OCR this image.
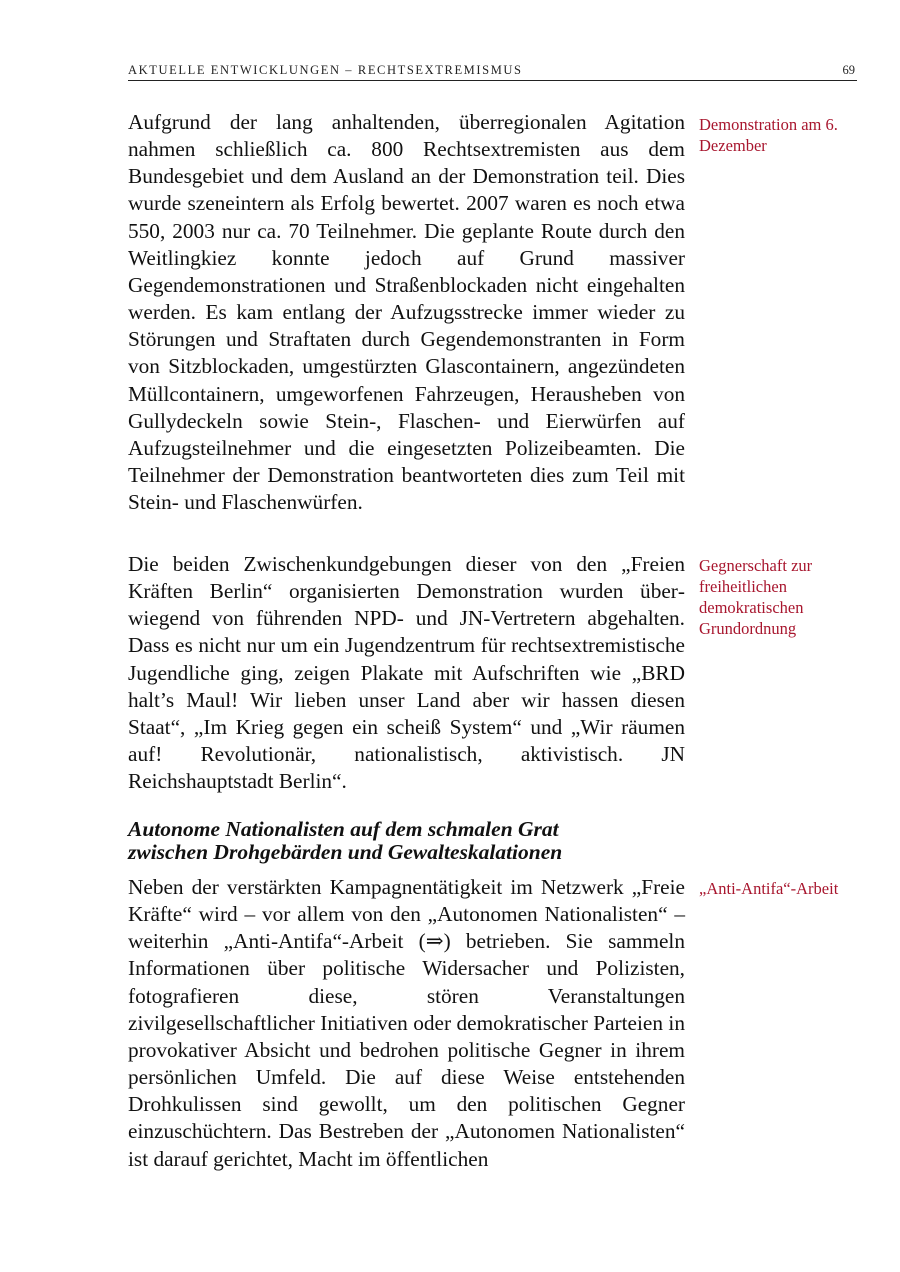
AKTUELLE ENTWICKLUNGEN – RECHTSEXTREMISMUS	69

Aufgrund der lang anhaltenden, überregionalen Agitation nahmen schließlich ca. 800 Rechtsextremisten aus dem Bundesgebiet und dem Ausland an der Demonstration teil. Dies wurde szeneintern als Erfolg bewertet. 2007 waren es noch etwa 550, 2003 nur ca. 70 Teilnehmer. Die geplante Route durch den Weitlingkiez konnte jedoch auf Grund massiver Gegendemonstrationen und Straßenblockaden nicht eingehalten werden. Es kam entlang der Aufzugsstrecke immer wieder zu Störungen und Straftaten durch Gegendemonstranten in Form von Sitzblockaden, umgestürzten Glascontainern, angezündeten Müllcontainern, umgeworfenen Fahrzeugen, Herausheben von Gullydeckeln sowie Stein-, Flaschen- und Eierwürfen auf Aufzugsteilnehmer und die eingesetzten Polizeibeamten. Die Teilnehmer der Demonstration beantworteten dies zum Teil mit Stein- und Flaschenwürfen.

Demonstration am 6. Dezember

Die beiden Zwischenkundgebungen dieser von den „Freien Kräften Berlin“ organisierten Demonstration wurden überwiegend von führenden NPD- und JN-Vertretern abgehalten. Dass es nicht nur um ein Jugendzentrum für rechtsextremistische Jugendliche ging, zeigen Plakate mit Aufschriften wie „BRD halt’s Maul! Wir lieben unser Land aber wir hassen diesen Staat“, „Im Krieg gegen ein scheiß System“ und „Wir räumen auf! Revolutionär, nationalistisch, aktivistisch. JN Reichshauptstadt Berlin“.

Gegnerschaft zur freiheitlichen demokratischen Grundordnung
Autonome Nationalisten auf dem schmalen Grat
zwischen Drohgebärden und Gewalteskalationen

Neben der verstärkten Kampagnentätigkeit im Netzwerk „Freie Kräfte“ wird – vor allem von den „Autonomen Nationalisten“ – weiterhin „Anti-Antifa“-Arbeit (⇒) betrieben. Sie sammeln Informationen über politische Widersacher und Polizisten, fotografieren diese, stören Veranstaltungen zivilgesellschaftlicher Initiativen oder demokratischer Parteien in provokativer Absicht und bedrohen politische Gegner in ihrem persönlichen Umfeld. Die auf diese Weise entstehenden Drohkulissen sind gewollt, um den politischen Gegner einzuschüchtern. Das Bestreben der „Autonomen Nationalisten“ ist darauf gerichtet, Macht im öffentlichen

„Anti-Antifa“-Arbeit
